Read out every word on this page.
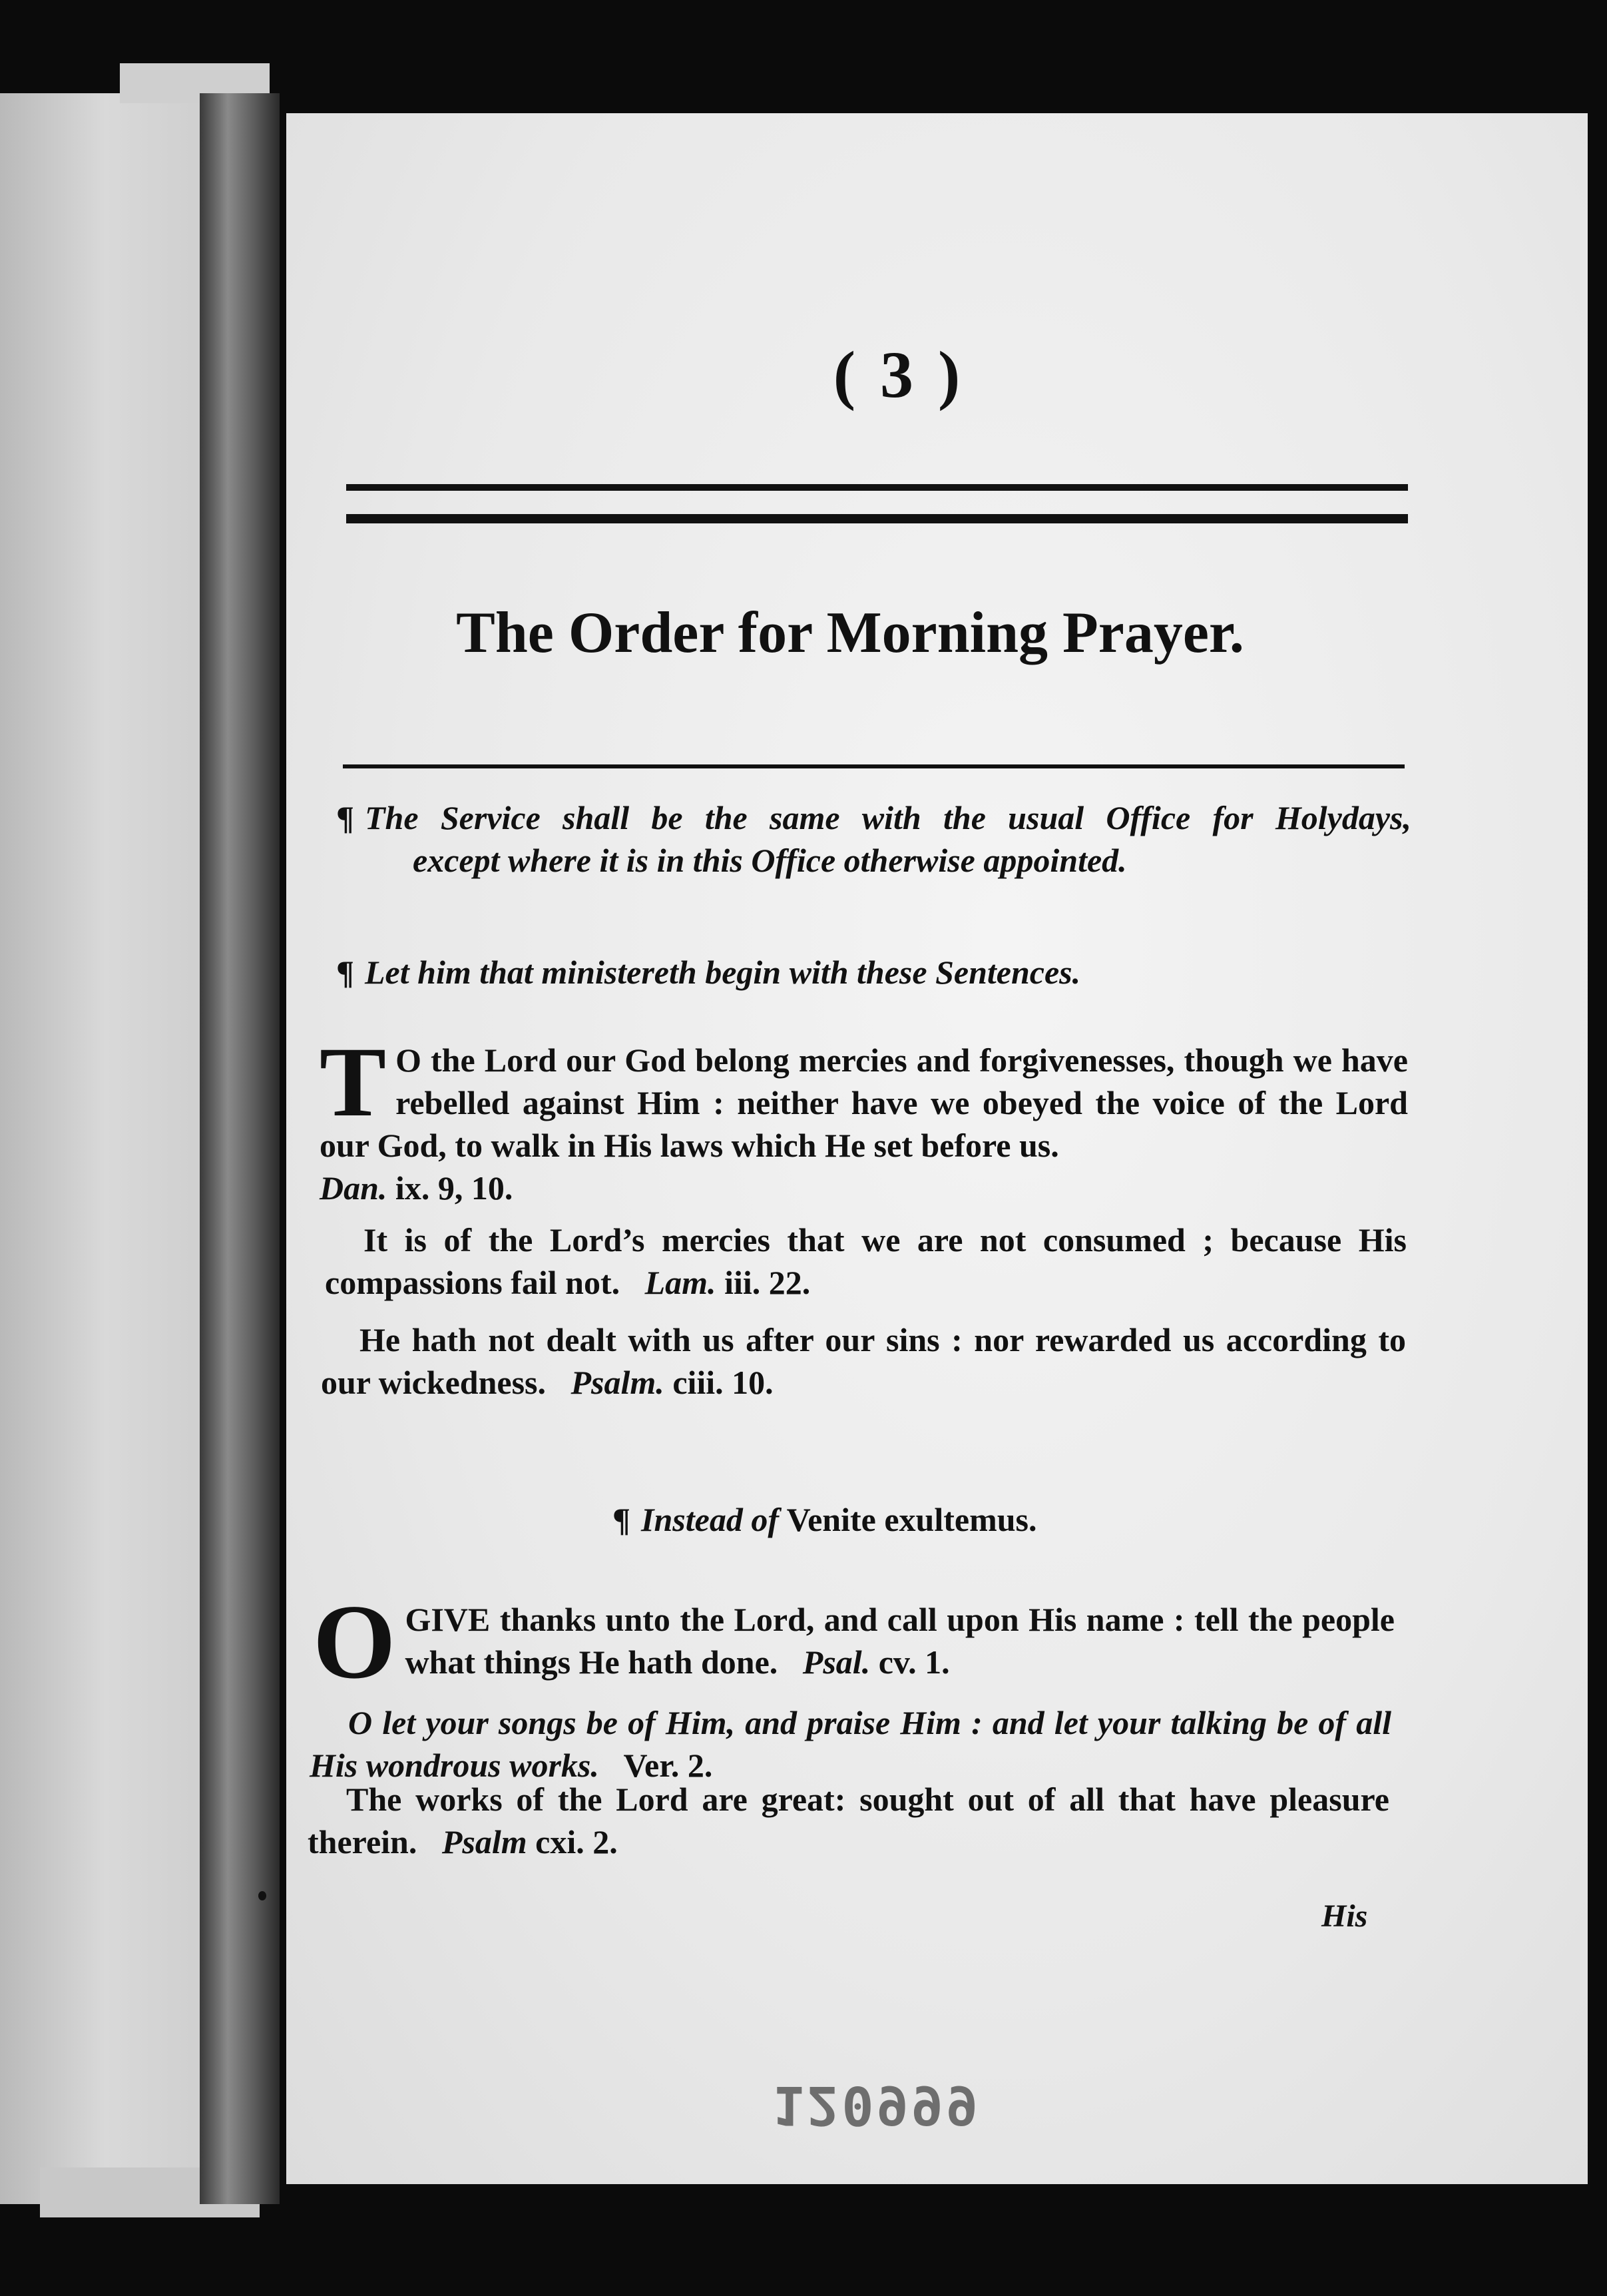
( 3 )
The Order for Morning Prayer.
¶ The Service shall be the same with the usual Office for Holydays,
except where it is in this Office otherwise appointed.
¶ Let him that ministereth begin with these Sentences.
T O the Lord our God belong mercies and forgivenesses, though we have rebelled against Him : neither have we obeyed the voice of the Lord our God, to walk in His laws which He set before us.
Dan. ix. 9, 10.
It is of the Lord’s mercies that we are not consumed ; because His compassions fail not. Lam. iii. 22.
He hath not dealt with us after our sins : nor rewarded us according to our wickedness. Psalm. ciii. 10.
¶ Instead of Venite exultemus.
OGIVE thanks unto the Lord, and call upon His name : tell the people what things He hath done. Psal. cv. 1.
O let your songs be of Him, and praise Him : and let your talking be of all His wondrous works. Ver. 2.
The works of the Lord are great: sought out of all that have pleasure therein. Psalm cxi. 2.
His
120999
